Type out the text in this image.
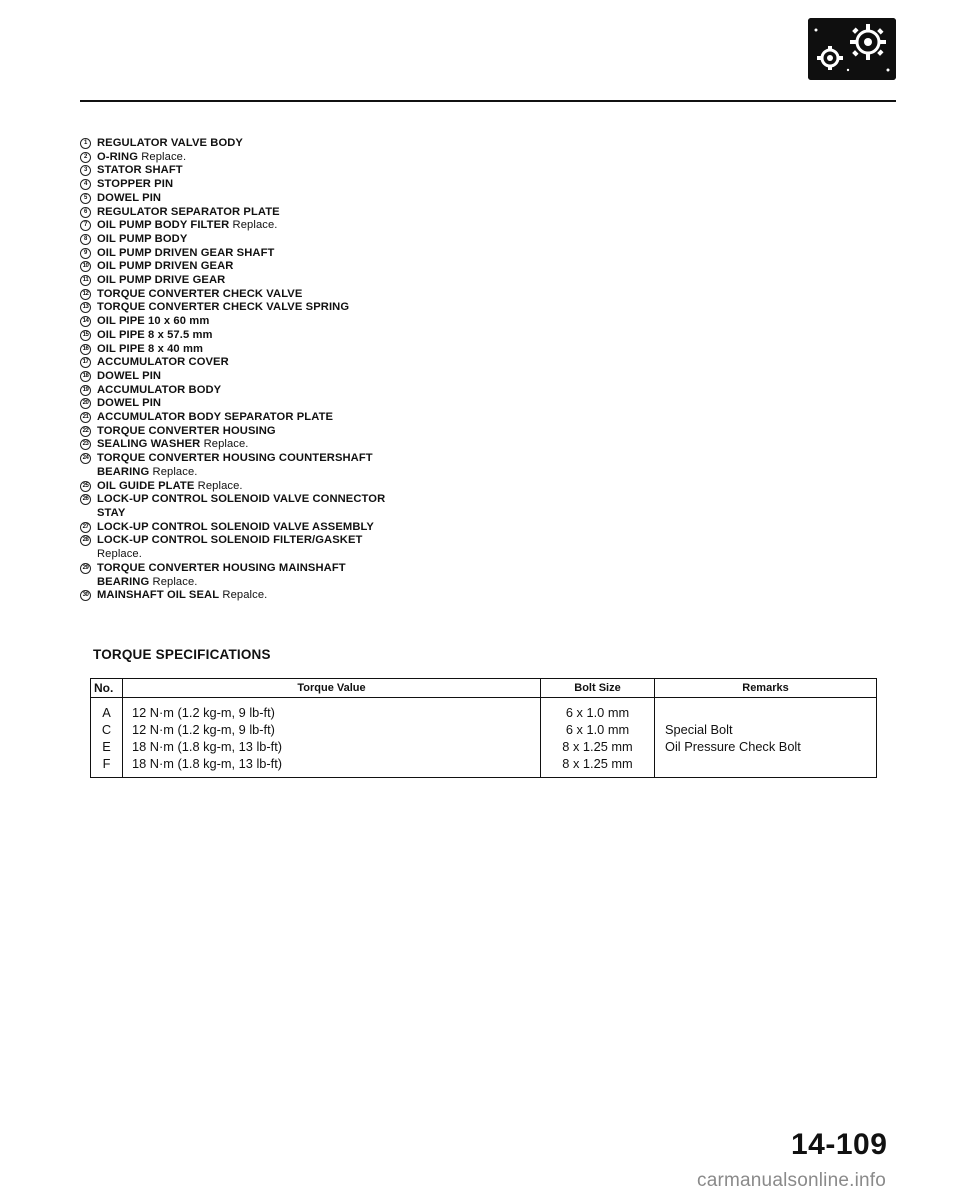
1 REGULATOR VALVE BODY
2 O-RING Replace.
3 STATOR SHAFT
4 STOPPER PIN
5 DOWEL PIN
6 REGULATOR SEPARATOR PLATE
7 OIL PUMP BODY FILTER Replace.
8 OIL PUMP BODY
9 OIL PUMP DRIVEN GEAR SHAFT
10 OIL PUMP DRIVEN GEAR
11 OIL PUMP DRIVE GEAR
12 TORQUE CONVERTER CHECK VALVE
13 TORQUE CONVERTER CHECK VALVE SPRING
14 OIL PIPE 10 x 60 mm
15 OIL PIPE 8 x 57.5 mm
16 OIL PIPE 8 x 40 mm
17 ACCUMULATOR COVER
18 DOWEL PIN
19 ACCUMULATOR BODY
20 DOWEL PIN
21 ACCUMULATOR BODY SEPARATOR PLATE
22 TORQUE CONVERTER HOUSING
23 SEALING WASHER Replace.
24 TORQUE CONVERTER HOUSING COUNTERSHAFT
BEARING Replace.
25 OIL GUIDE PLATE Replace.
26 LOCK-UP CONTROL SOLENOID VALVE CONNECTOR
STAY
27 LOCK-UP CONTROL SOLENOID VALVE ASSEMBLY
28 LOCK-UP CONTROL SOLENOID FILTER/GASKET
Replace.
29 TORQUE CONVERTER HOUSING MAINSHAFT
BEARING Replace.
30 MAINSHAFT OIL SEAL Repalce.
TORQUE SPECIFICATIONS
No.	Torque Value	Bolt Size	Remarks
A	12 N·m (1.2 kg-m, 9 lb-ft)	6 x 1.0 mm	
C	12 N·m (1.2 kg-m, 9 lb-ft)	6 x 1.0 mm	Special Bolt
E	18 N·m (1.8 kg-m, 13 lb-ft)	8 x 1.25 mm	Oil Pressure Check Bolt
F	18 N·m (1.8 kg-m, 13 lb-ft)	8 x 1.25 mm	
14-109
carmanualsonline.info
